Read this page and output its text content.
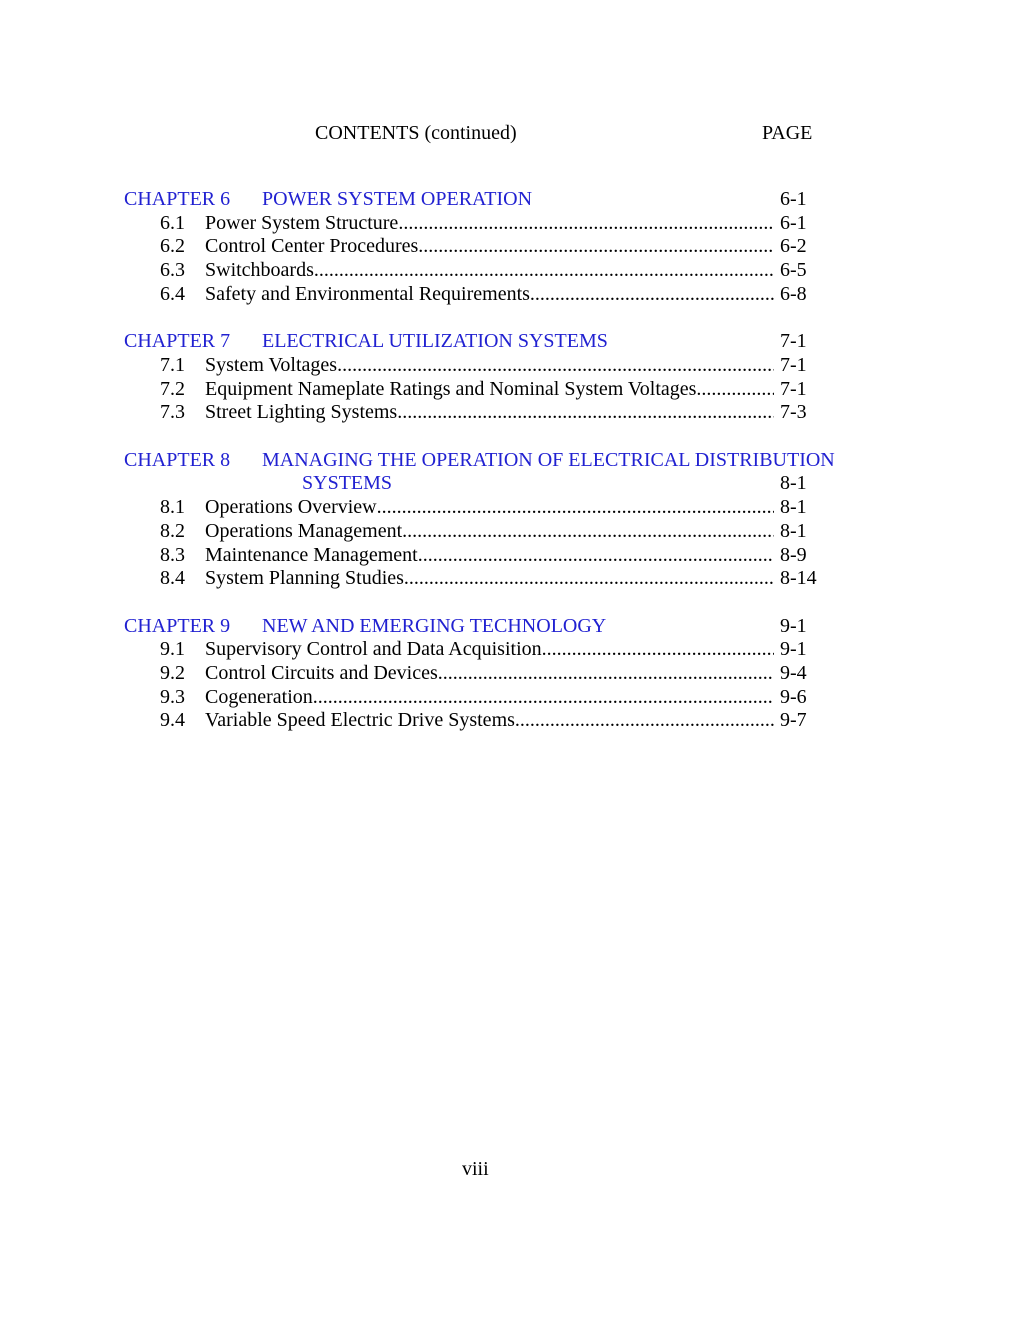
CONTENTS (continued)	PAGE
CHAPTER 6	POWER SYSTEM OPERATION	6-1
6.1	Power System Structure .....	6-1
6.2	Control Center Procedures .....	6-2
6.3	Switchboards .....	6-5
6.4	Safety and Environmental Requirements .....	6-8
CHAPTER 7	ELECTRICAL UTILIZATION SYSTEMS	7-1
7.1	System Voltages .....	7-1
7.2	Equipment Nameplate Ratings and Nominal System Voltages .....	7-1
7.3	Street Lighting Systems .....	7-3
CHAPTER 8	MANAGING THE OPERATION OF ELECTRICAL DISTRIBUTION
SYSTEMS	8-1
8.1	Operations Overview .....	8-1
8.2	Operations Management .....	8-1
8.3	Maintenance Management .....	8-9
8.4	System Planning Studies .....	8-14
CHAPTER 9	NEW AND EMERGING TECHNOLOGY	9-1
9.1	Supervisory Control and Data Acquisition .....	9-1
9.2	Control Circuits and Devices .....	9-4
9.3	Cogeneration .....	9-6
9.4	Variable Speed Electric Drive Systems .....	9-7
viii
